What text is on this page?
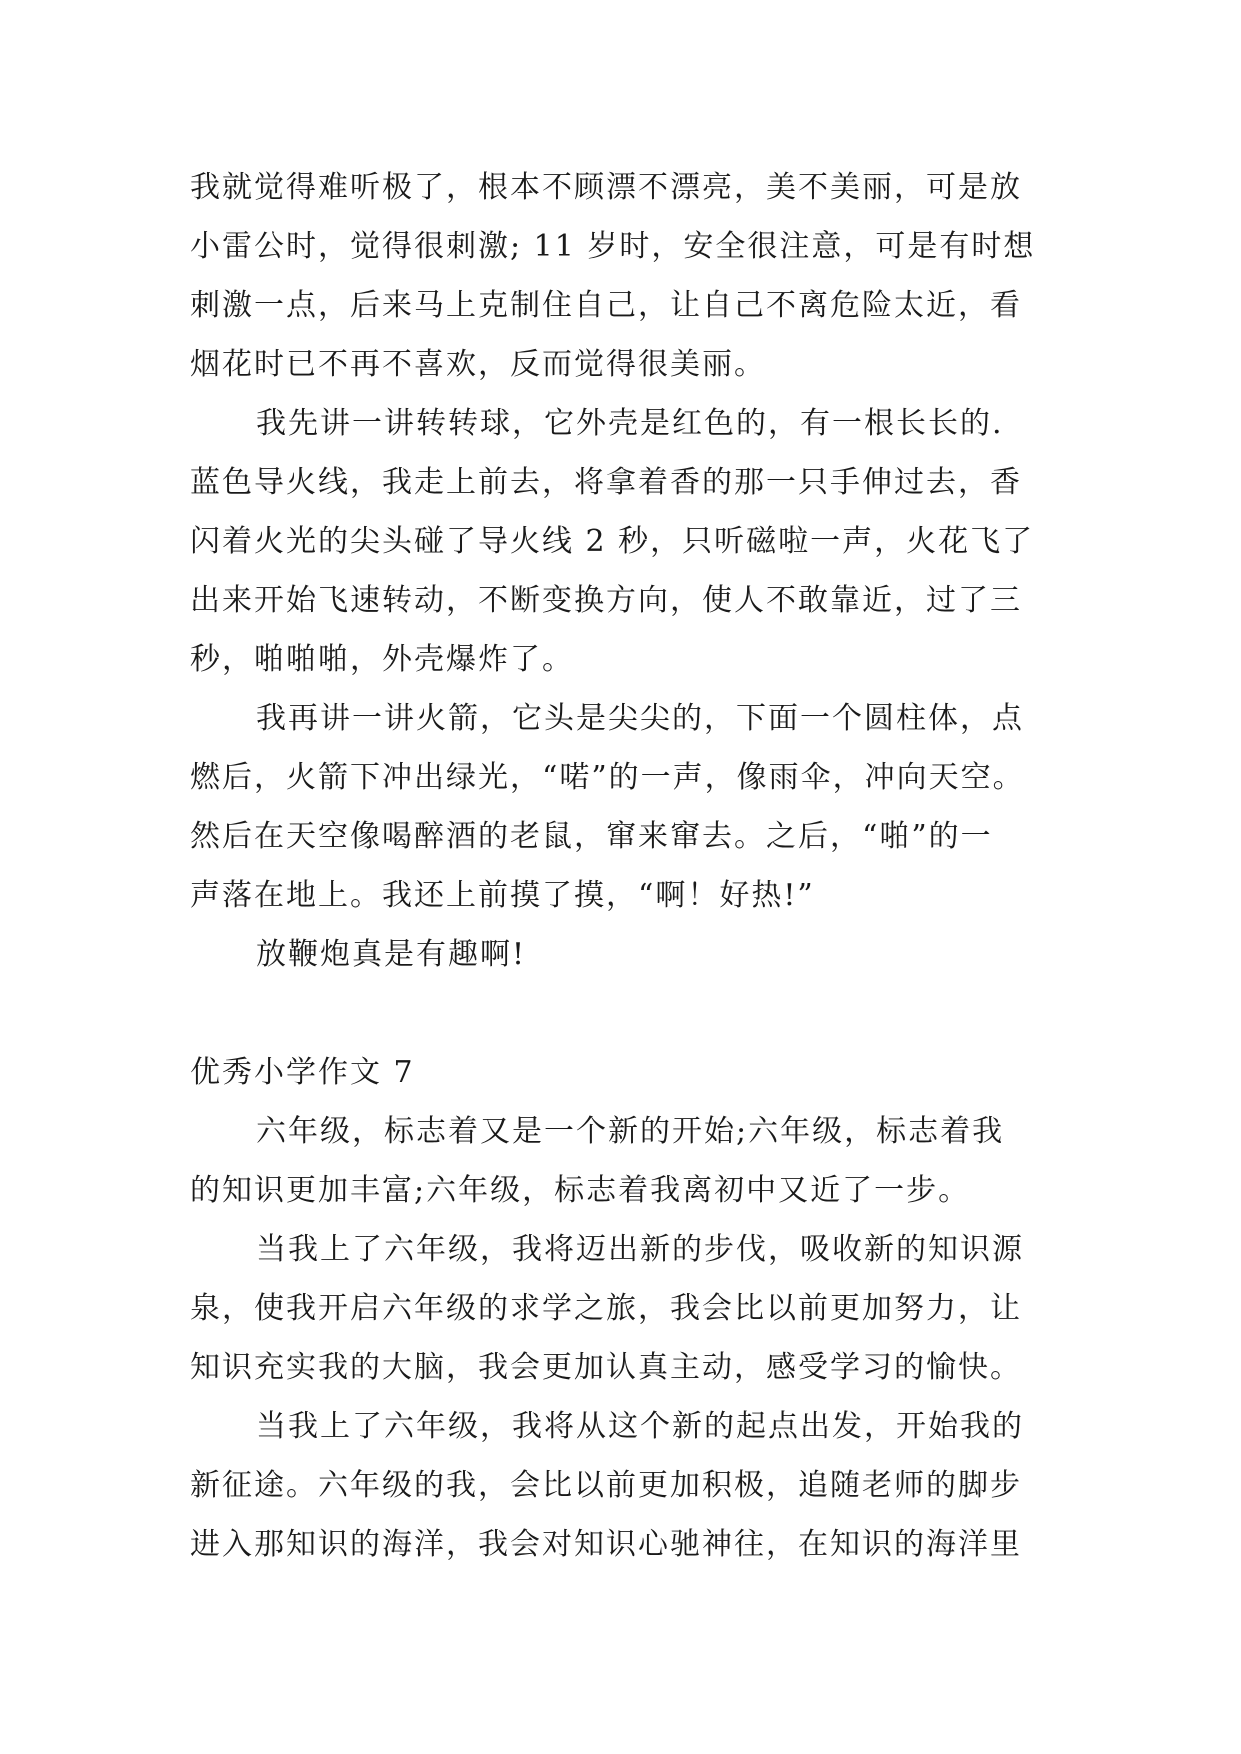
我就觉得难听极了，根本不顾漂不漂亮，美不美丽，可是放
小雷公时，觉得很刺激; 11 岁时，安全很注意，可是有时想
刺激一点，后来马上克制住自己，让自己不离危险太近，看
烟花时已不再不喜欢，反而觉得很美丽。
我先讲一讲转转球，它外壳是红色的，有一根长长的.
蓝色导火线，我走上前去，将拿着香的那一只手伸过去，香
闪着火光的尖头碰了导火线 2 秒，只听磁啦一声，火花飞了
出来开始飞速转动，不断变换方向，使人不敢靠近，过了三
秒，啪啪啪，外壳爆炸了。
我再讲一讲火箭，它头是尖尖的，下面一个圆柱体，点
燃后，火箭下冲出绿光，“喏”的一声，像雨伞，冲向天空。
然后在天空像喝醉酒的老鼠，窜来窜去。之后，“啪”的一
声落在地上。我还上前摸了摸，“啊！好热!”
放鞭炮真是有趣啊!
优秀小学作文 7
六年级，标志着又是一个新的开始;六年级，标志着我
的知识更加丰富;六年级，标志着我离初中又近了一步。
当我上了六年级，我将迈出新的步伐，吸收新的知识源
泉，使我开启六年级的求学之旅，我会比以前更加努力，让
知识充实我的大脑，我会更加认真主动，感受学习的愉快。
当我上了六年级，我将从这个新的起点出发，开始我的
新征途。六年级的我，会比以前更加积极，追随老师的脚步
进入那知识的海洋，我会对知识心驰神往，在知识的海洋里
